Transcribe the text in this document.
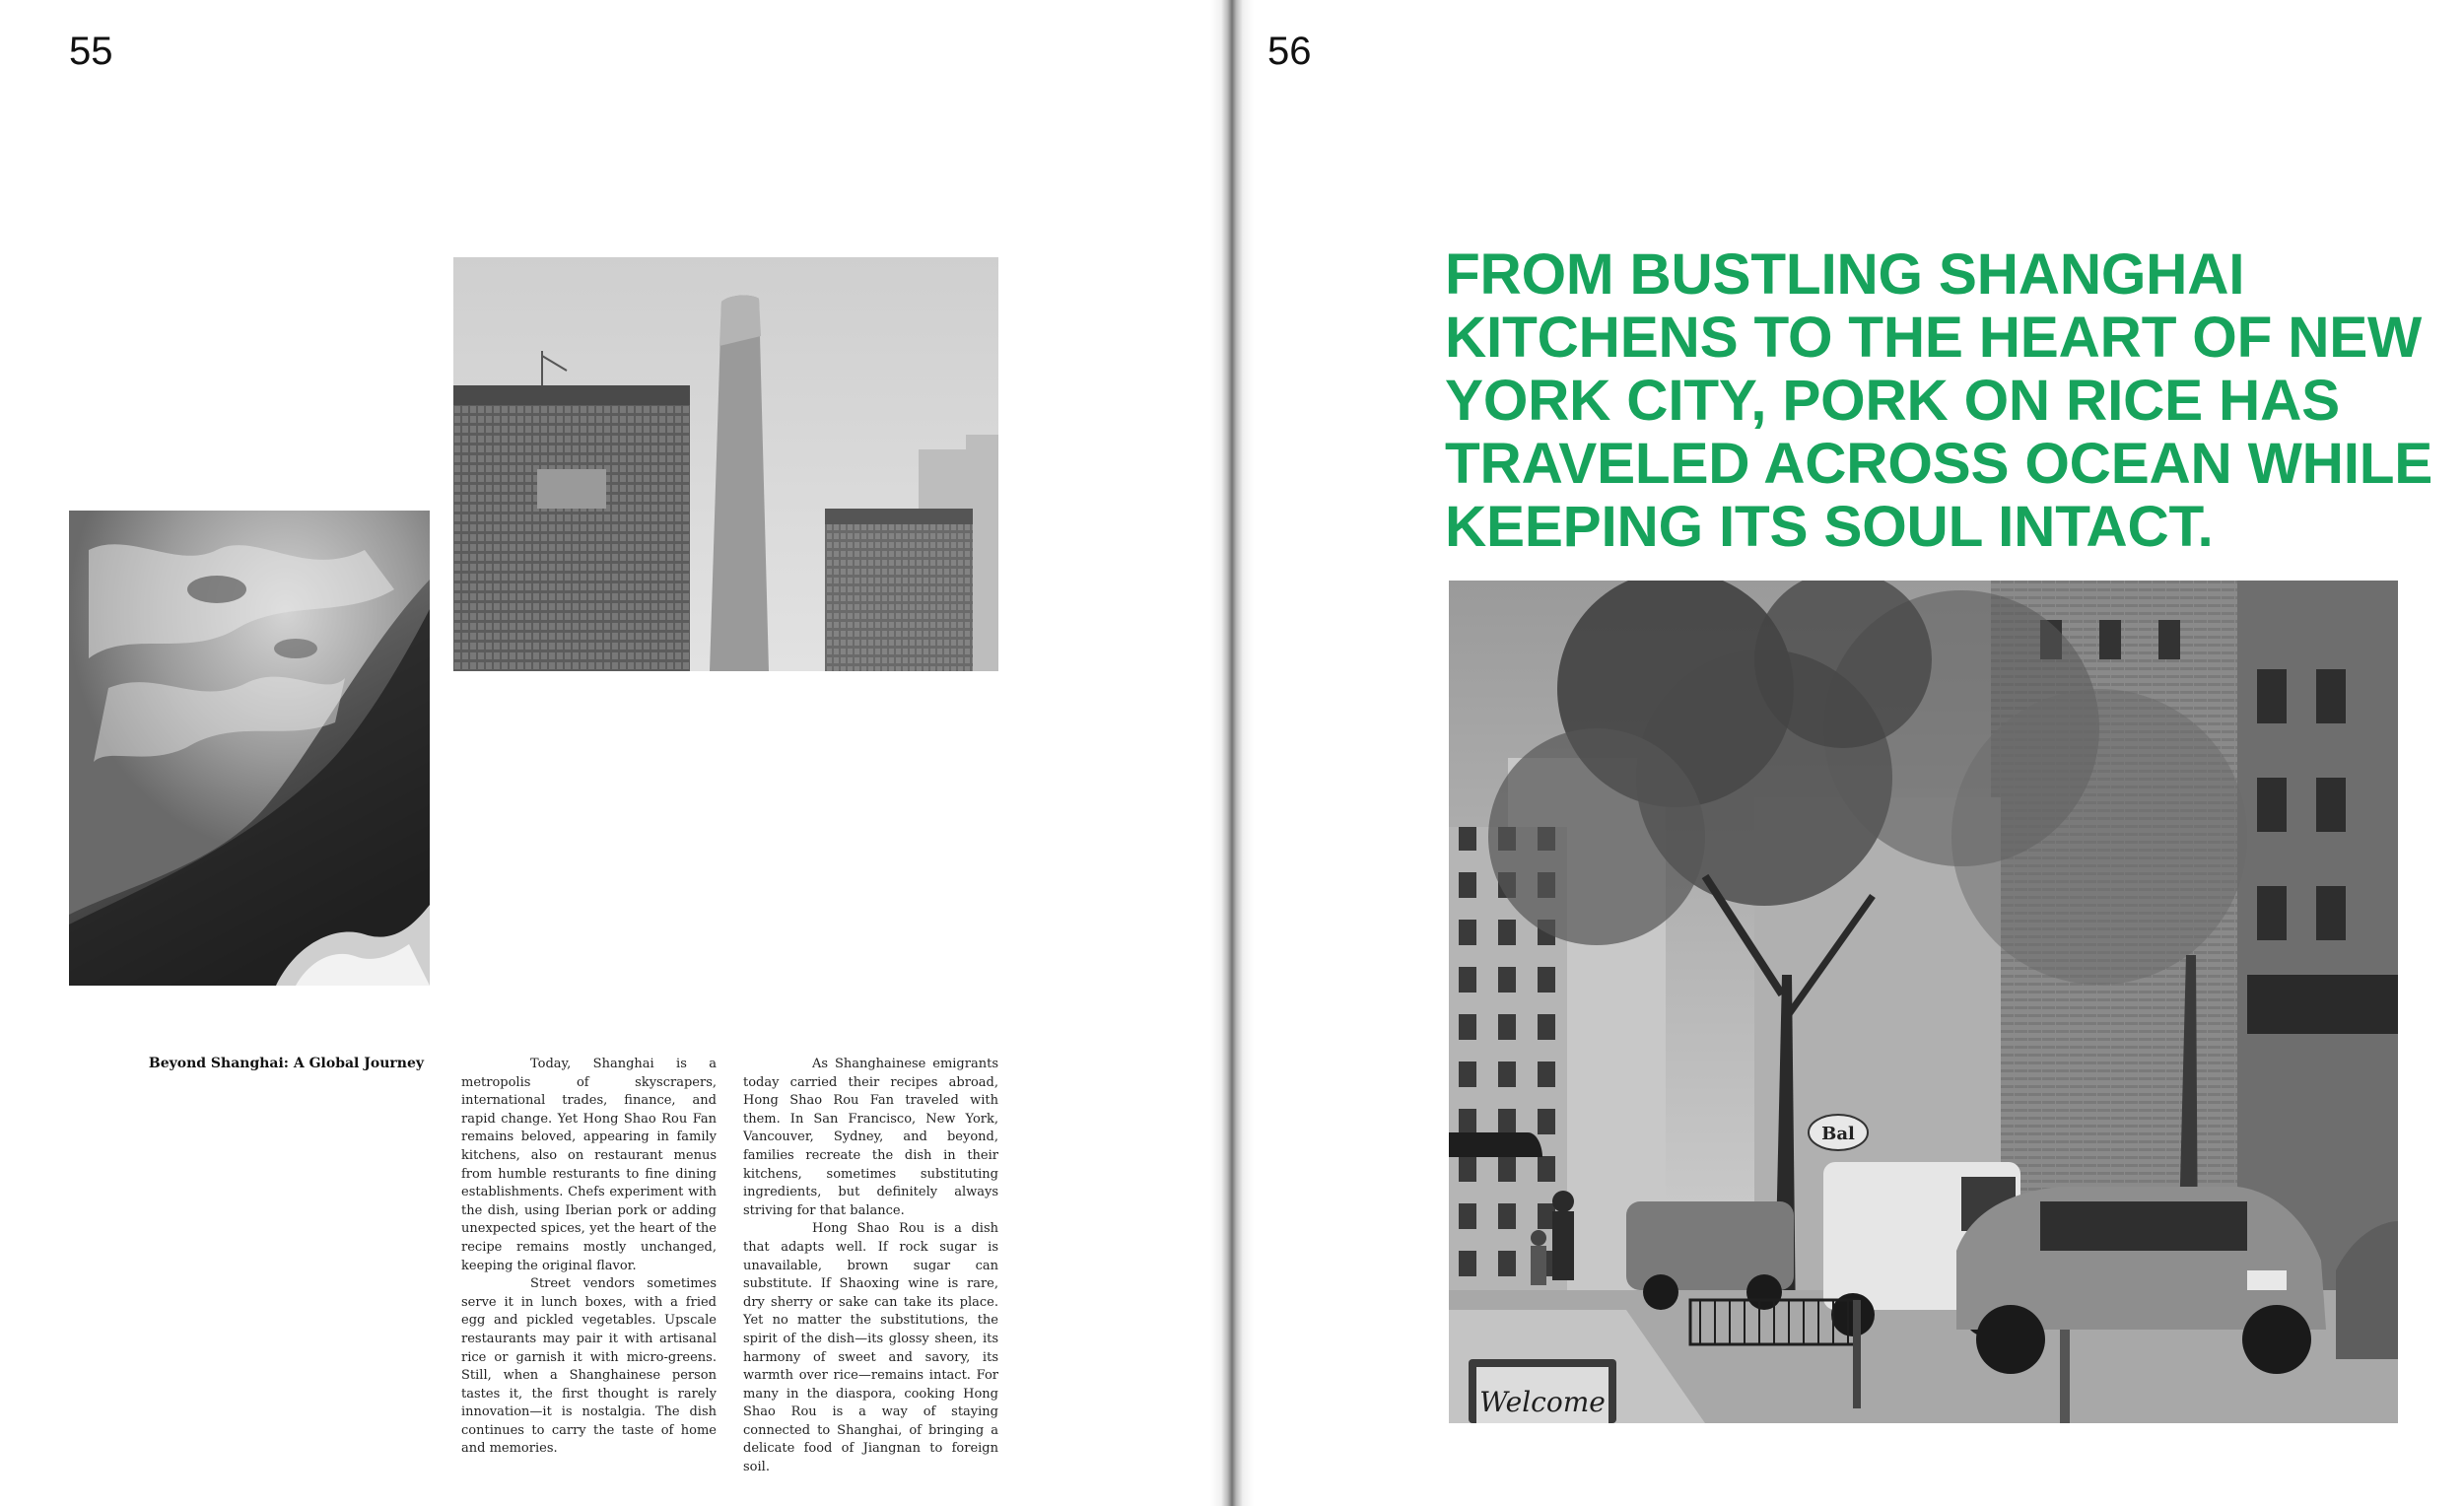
55
Beyond Shanghai: A Global Journey	Today, Shanghai is a metropolis of skyscrapers, international trades, finance, and rapid change. Yet Hong Shao Rou Fan remains beloved, appearing in family kitchens, also on restaurant menus from humble resturants to fine dining establishments. Chefs experiment with the dish, using Iberian pork or adding unexpected spices, yet the heart of the recipe remains mostly unchanged, keeping the original flavor.

Street vendors sometimes serve it in lunch boxes, with a fried egg and pickled vegetables. Upscale restaurants may pair it with artisanal rice or garnish it with micro-greens. Still, when a Shanghainese person tastes it, the first thought is rarely innovation—it is nostalgia. The dish continues to carry the taste of home and memories.

As Shanghainese emigrants today carried their recipes abroad, Hong Shao Rou Fan traveled with them. In San Francisco, New York, Vancouver, Sydney, and beyond, families recreate the dish in their kitchens, sometimes substituting ingredients, but definitely always striving for that balance.

Hong Shao Rou is a dish that adapts well. If rock sugar is unavailable, brown sugar can substitute. If Shaoxing wine is rare, dry sherry or sake can take its place. Yet no matter the substitutions, the spirit of the dish—its glossy sheen, its harmony of sweet and savory, its warmth over rice—remains intact. For many in the diaspora, cooking Hong Shao Rou is a way of staying connected to Shanghai, of bringing a delicate food of Jiangnan to foreign soil.

56
FROM BUSTLING SHANGHAI KITCHENS TO THE HEART OF NEW YORK CITY, PORK ON RICE HAS TRAVELED ACROSS OCEAN WHILE KEEPING ITS SOUL INTACT.
Bal
Welcome
